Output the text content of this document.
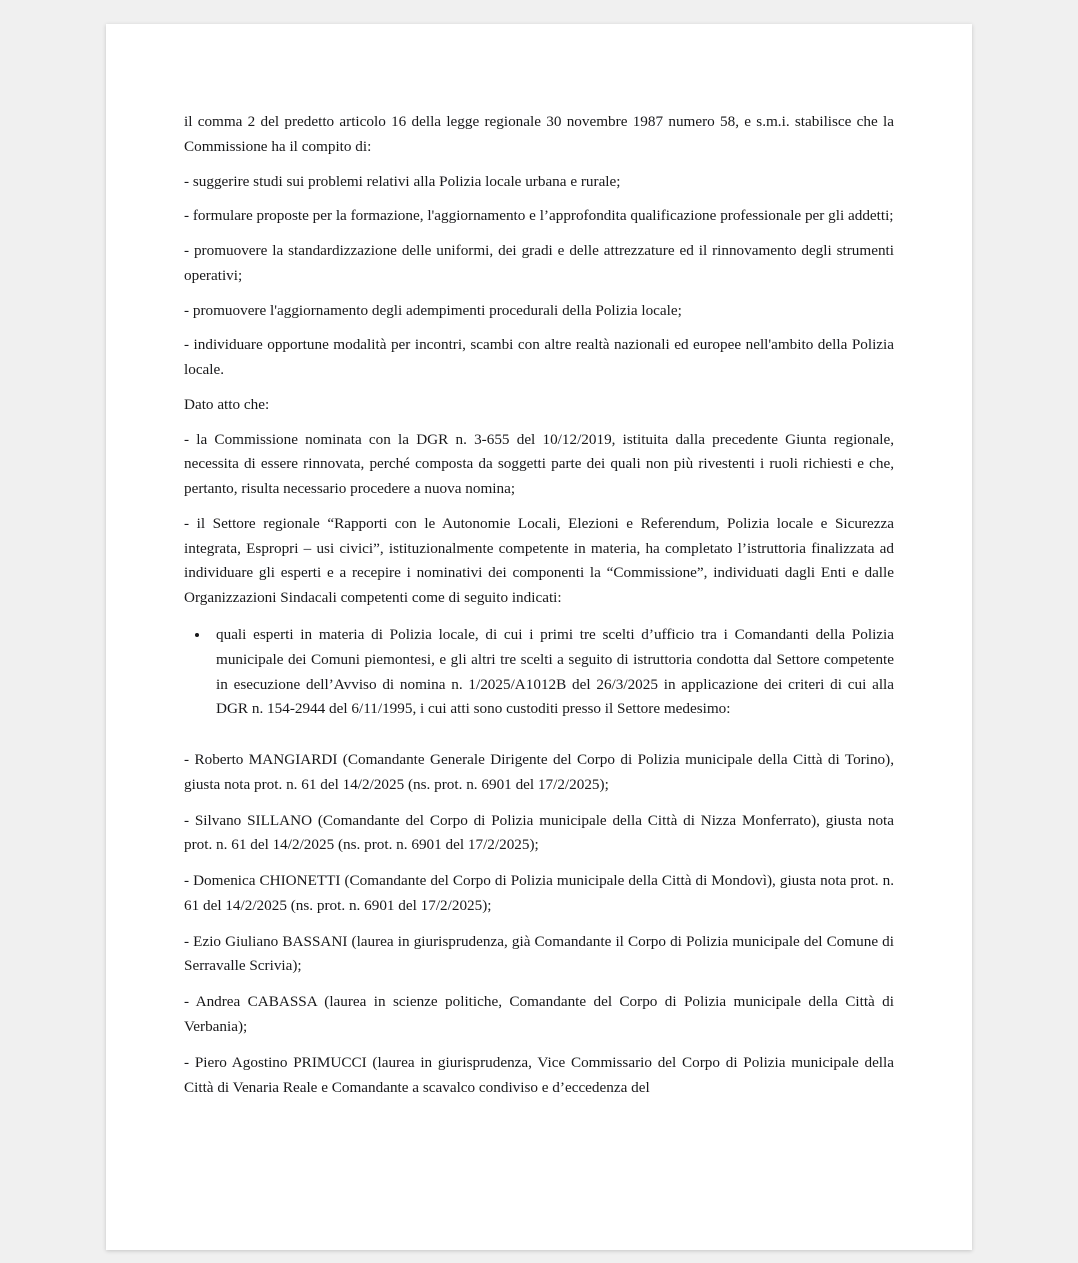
il comma 2 del predetto articolo 16 della legge regionale 30 novembre 1987 numero 58, e s.m.i. stabilisce che la Commissione ha il compito di:

- suggerire studi sui problemi relativi alla Polizia locale urbana e rurale;

- formulare proposte per la formazione, l'aggiornamento e l’approfondita qualificazione professionale per gli addetti;

- promuovere la standardizzazione delle uniformi, dei gradi e delle attrezzature ed il rinnovamento degli strumenti operativi;

- promuovere l'aggiornamento degli adempimenti procedurali della Polizia locale;

- individuare opportune modalità per incontri, scambi con altre realtà nazionali ed europee nell'ambito della Polizia locale.

Dato atto che:

- la Commissione nominata con la DGR n. 3-655 del 10/12/2019, istituita dalla precedente Giunta regionale, necessita di essere rinnovata, perché composta da soggetti parte dei quali non più rivestenti i ruoli richiesti e che, pertanto, risulta necessario procedere a nuova nomina;

- il Settore regionale “Rapporti con le Autonomie Locali, Elezioni e Referendum, Polizia locale e Sicurezza integrata, Espropri – usi civici”, istituzionalmente competente in materia, ha completato l’istruttoria finalizzata ad individuare gli esperti e a recepire i nominativi dei componenti la “Commissione”, individuati dagli Enti e dalle Organizzazioni Sindacali competenti come di seguito indicati:

• quali esperti in materia di Polizia locale, di cui i primi tre scelti d’ufficio tra i Comandanti della Polizia municipale dei Comuni piemontesi, e gli altri tre scelti a seguito di istruttoria condotta dal Settore competente in esecuzione dell’Avviso di nomina n. 1/2025/A1012B del 26/3/2025 in applicazione dei criteri di cui alla DGR n. 154-2944 del 6/11/1995, i cui atti sono custoditi presso il Settore medesimo:

- Roberto MANGIARDI (Comandante Generale Dirigente del Corpo di Polizia municipale della Città di Torino), giusta nota prot. n. 61 del 14/2/2025 (ns. prot. n. 6901 del 17/2/2025);

- Silvano SILLANO (Comandante del Corpo di Polizia municipale della Città di Nizza Monferrato), giusta nota prot. n. 61 del 14/2/2025 (ns. prot. n. 6901 del 17/2/2025);

- Domenica CHIONETTI (Comandante del Corpo di Polizia municipale della Città di Mondovì), giusta nota prot. n. 61 del 14/2/2025 (ns. prot. n. 6901 del 17/2/2025);

- Ezio Giuliano BASSANI (laurea in giurisprudenza, già Comandante il Corpo di Polizia municipale del Comune di Serravalle Scrivia);

- Andrea CABASSA (laurea in scienze politiche, Comandante del Corpo di Polizia municipale della Città di Verbania);

- Piero Agostino PRIMUCCI (laurea in giurisprudenza, Vice Commissario del Corpo di Polizia municipale della Città di Venaria Reale e Comandante a scavalco condiviso e d’eccedenza del
